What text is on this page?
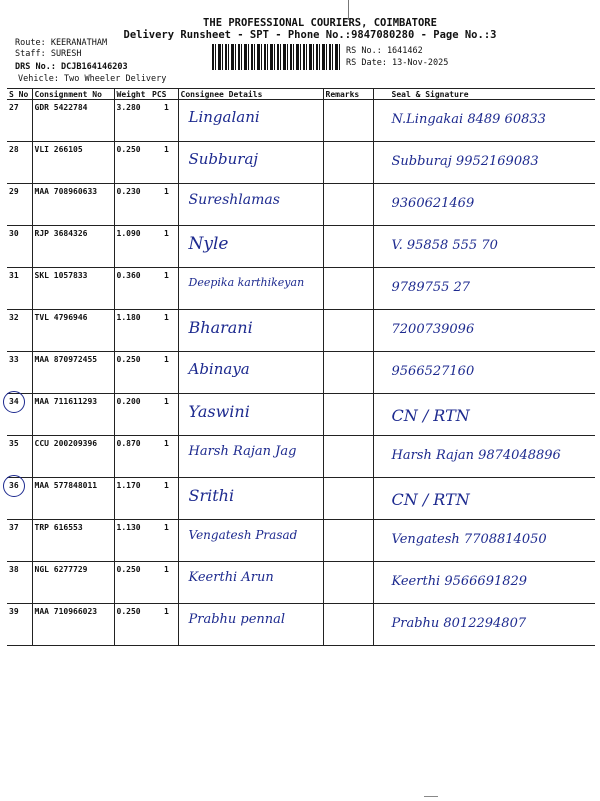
THE PROFESSIONAL COURIERS, COIMBATORE
Delivery Runsheet - SPT - Phone No.:9847080280 - Page No.:3
Route: KEERANATHAM
Staff: SURESH
DRS No.: DCJB164146203
Vehicle: Two Wheeler Delivery
RS No.: 1641462
RS Date: 13-Nov-2025
S No	Consignment No	Weight	PCS	Consignee Details	Remarks	Seal & Signature
27	GDR 5422784	3.280	1	Lingalani		N.Lingakai 8489 60833

28	VLI 266105	0.250	1	Subburaj		Subburaj 9952169083

29	MAA 708960633	0.230	1	Sureshlamas		9360621469

30	RJP 3684326	1.090	1	Nyle		V. 95858 555 70

31	SKL 1057833	0.360	1	Deepika karthikeyan		9789755 27

32	TVL 4796946	1.180	1	Bharani		7200739096

33	MAA 870972455	0.250	1	Abinaya		9566527160

34	MAA 711611293	0.200	1	Yaswini		CN / RTN

35	CCU 200209396	0.870	1	Harsh Rajan Jag		Harsh Rajan 9874048896

36	MAA 577848011	1.170	1	Srithi		CN / RTN

37	TRP 616553	1.130	1	Vengatesh Prasad		Vengatesh 7708814050

38	NGL 6277729	0.250	1	Keerthi Arun		Keerthi 9566691829

39	MAA 710966023	0.250	1	Prabhu pennal		Prabhu 8012294807
